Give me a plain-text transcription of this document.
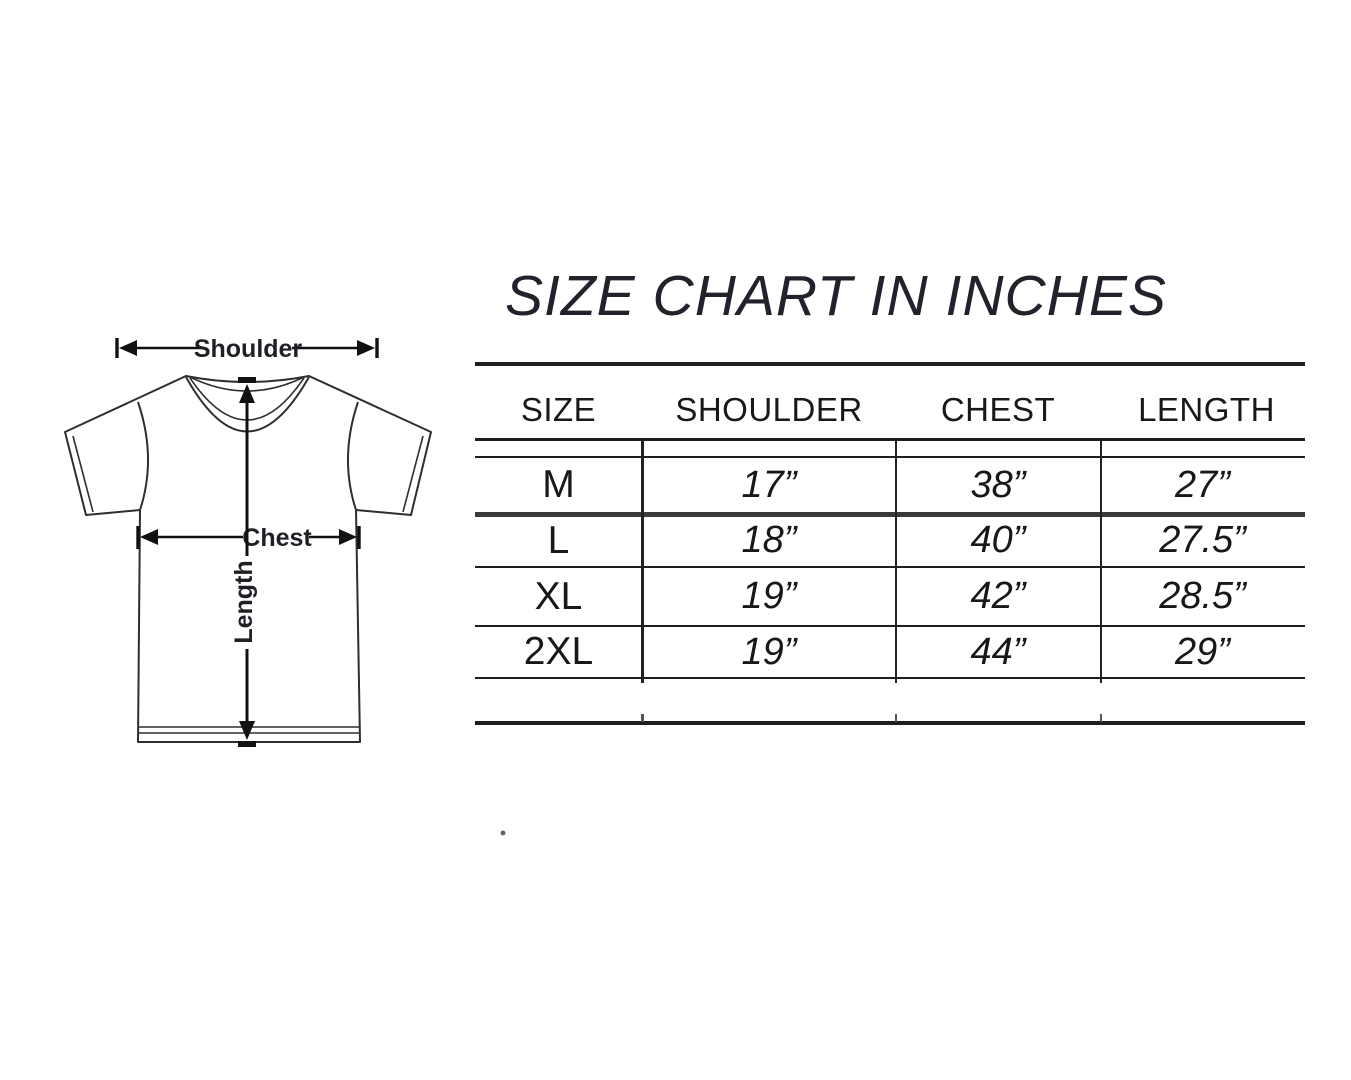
Shoulder
Chest
Length
SIZE CHART IN INCHES
SIZE	SHOULDER	CHEST	LENGTH
M	17”	38”	27”
L	18”	40”	27.5”
XL	19”	42”	28.5”
2XL	19”	44”	29”
